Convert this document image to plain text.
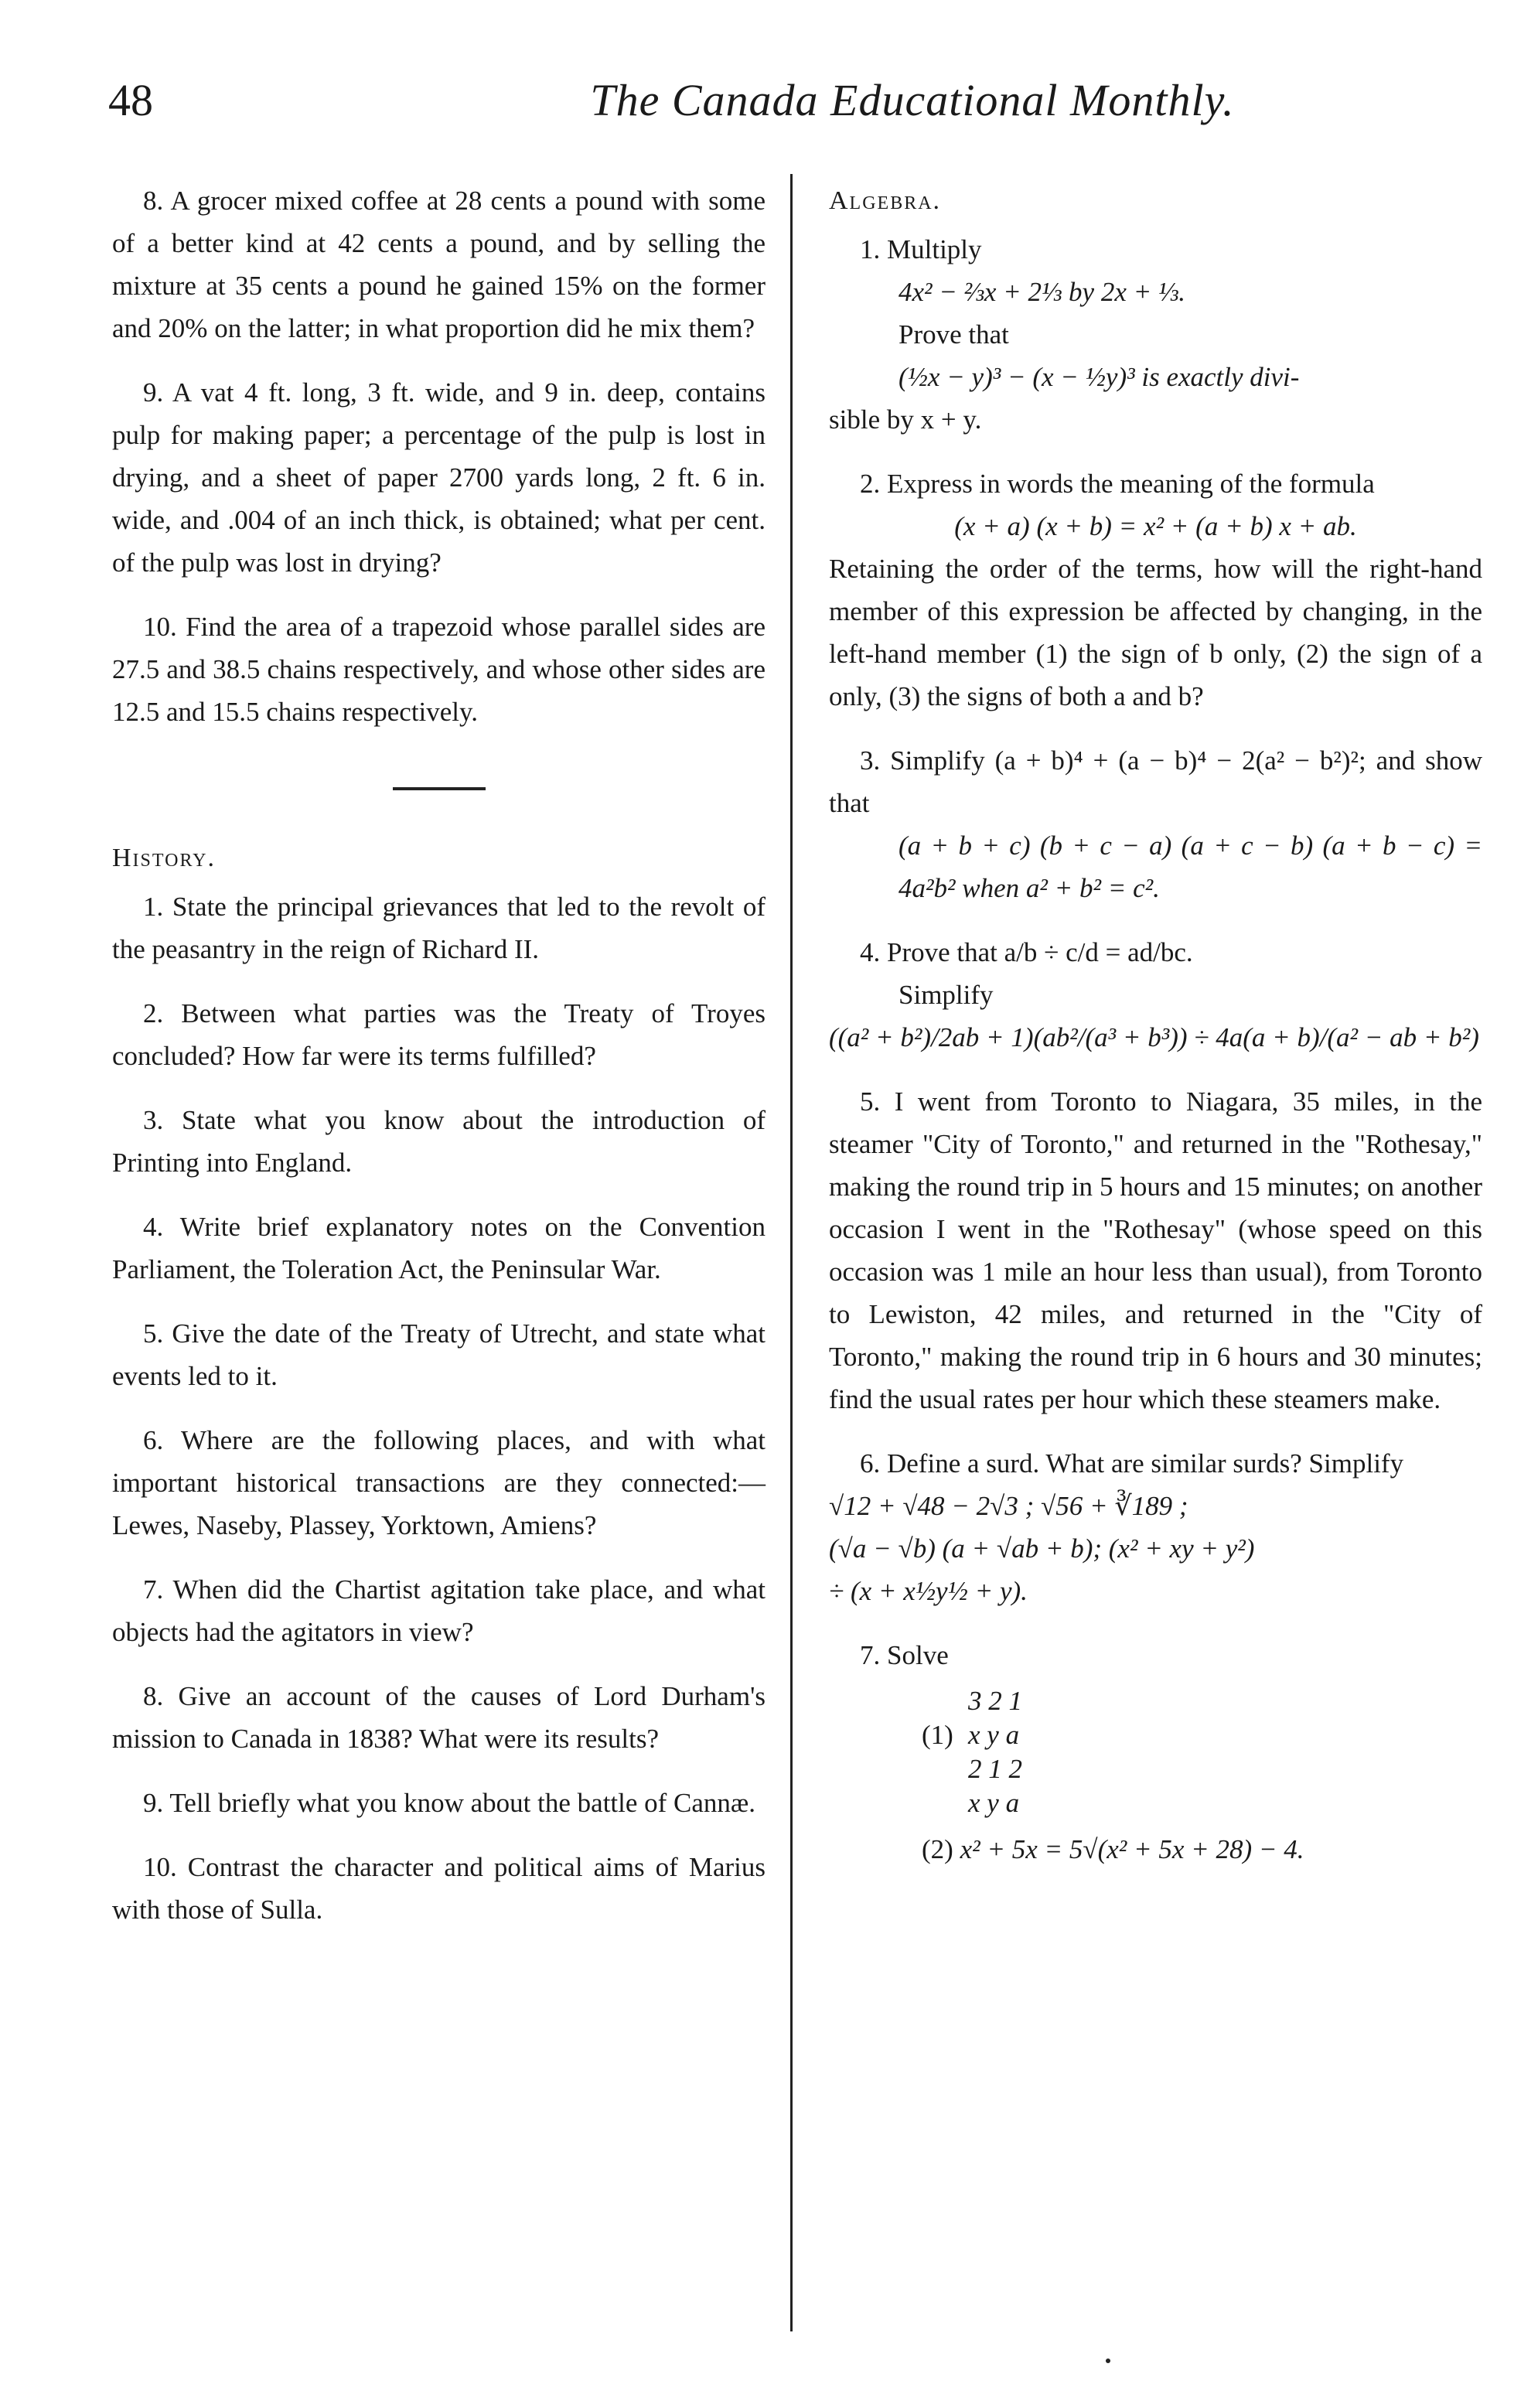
48	The Canada Educational Monthly.

8. A grocer mixed coffee at 28 cents a pound with some of a better kind at 42 cents a pound, and by selling the mixture at 35 cents a pound he gained 15% on the former and 20% on the latter; in what proportion did he mix them?

9. A vat 4 ft. long, 3 ft. wide, and 9 in. deep, contains pulp for making paper; a percentage of the pulp is lost in drying, and a sheet of paper 2700 yards long, 2 ft. 6 in. wide, and .004 of an inch thick, is obtained; what per cent. of the pulp was lost in drying?

10. Find the area of a trapezoid whose parallel sides are 27.5 and 38.5 chains respectively, and whose other sides are 12.5 and 15.5 chains respectively.

History.

1. State the principal grievances that led to the revolt of the peasantry in the reign of Richard II.

2. Between what parties was the Treaty of Troyes concluded? How far were its terms fulfilled?

3. State what you know about the introduction of Printing into England.

4. Write brief explanatory notes on the Convention Parliament, the Toleration Act, the Peninsular War.

5. Give the date of the Treaty of Utrecht, and state what events led to it.

6. Where are the following places, and with what important historical transactions are they connected:—Lewes, Naseby, Plassey, Yorktown, Amiens?

7. When did the Chartist agitation take place, and what objects had the agitators in view?

8. Give an account of the causes of Lord Durham's mission to Canada in 1838? What were its results?

9. Tell briefly what you know about the battle of Cannæ.

10. Contrast the character and political aims of Marius with those of Sulla.

Algebra.

1. Multiply

4x² − ⅔x + 2⅓ by 2x + ⅓.

Prove that

(½x − y)³ − (x − ½y)³ is exactly divi-

sible by x + y.

2. Express in words the meaning of the formula

(x + a) (x + b) = x² + (a + b) x + ab.

Retaining the order of the terms, how will the right-hand member of this expression be affected by changing, in the left-hand member (1) the sign of b only, (2) the sign of a only, (3) the signs of both a and b?

3. Simplify (a + b)⁴ + (a − b)⁴ − 2(a² − b²)²; and show that

(a + b + c) (b + c − a) (a + c − b) (a + b − c) = 4a²b² when a² + b² = c².

4. Prove that a/b ÷ c/d = ad/bc.

Simplify

((a² + b²)/2ab + 1)(ab²/(a³ + b³)) ÷ 4a(a + b)/(a² − ab + b²)

5. I went from Toronto to Niagara, 35 miles, in the steamer "City of Toronto," and returned in the "Rothesay," making the round trip in 5 hours and 15 minutes; on another occasion I went in the "Rothesay" (whose speed on this occasion was 1 mile an hour less than usual), from Toronto to Lewiston, 42 miles, and returned in the "City of Toronto," making the round trip in 6 hours and 30 minutes; find the usual rates per hour which these steamers make.

6. Define a surd. What are similar surds? Simplify

√12 + √48 − 2√3 ; √56 + ∛189 ;

(√a − √b) (a + √ab + b); (x² + xy + y²)

÷ (x + x½y½ + y).

7. Solve

3 2 1
(1) x y a
2 1 2
x y a

(2) x² + 5x = 5√(x² + 5x + 28) − 4.
